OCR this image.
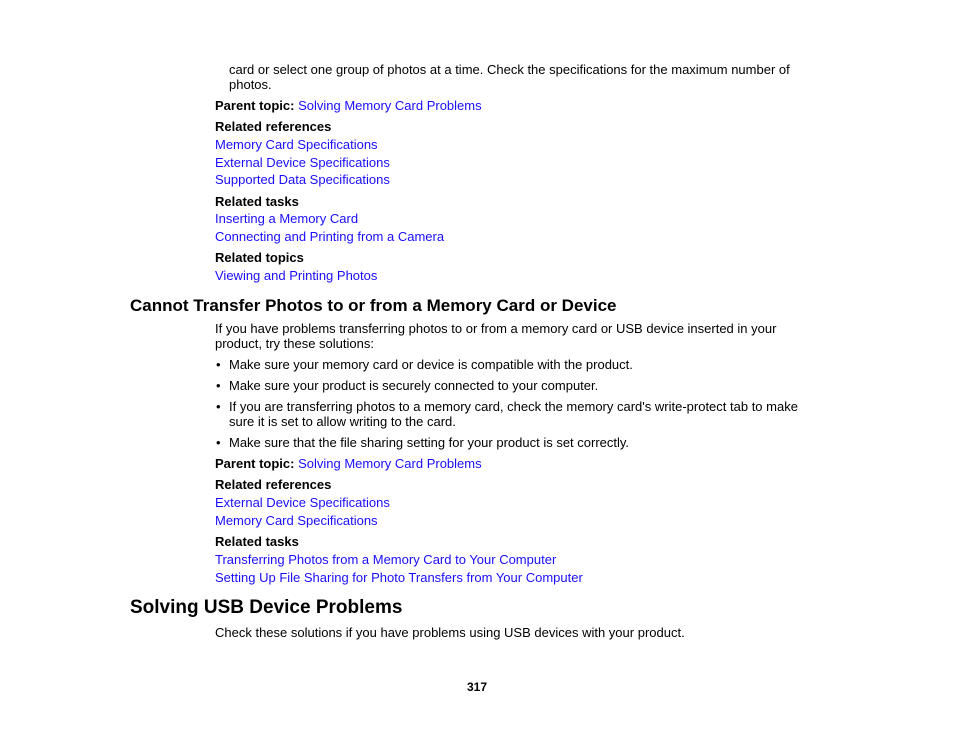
card or select one group of photos at a time. Check the specifications for the maximum number of
photos.
Parent topic: Solving Memory Card Problems
Related references
Memory Card Specifications
External Device Specifications
Supported Data Specifications
Related tasks
Inserting a Memory Card
Connecting and Printing from a Camera
Related topics
Viewing and Printing Photos
Cannot Transfer Photos to or from a Memory Card or Device
If you have problems transferring photos to or from a memory card or USB device inserted in your
product, try these solutions:
• Make sure your memory card or device is compatible with the product.
• Make sure your product is securely connected to your computer.
• If you are transferring photos to a memory card, check the memory card's write-protect tab to make
sure it is set to allow writing to the card.
• Make sure that the file sharing setting for your product is set correctly.
Parent topic: Solving Memory Card Problems
Related references
External Device Specifications
Memory Card Specifications
Related tasks
Transferring Photos from a Memory Card to Your Computer
Setting Up File Sharing for Photo Transfers from Your Computer
Solving USB Device Problems
Check these solutions if you have problems using USB devices with your product.
317
